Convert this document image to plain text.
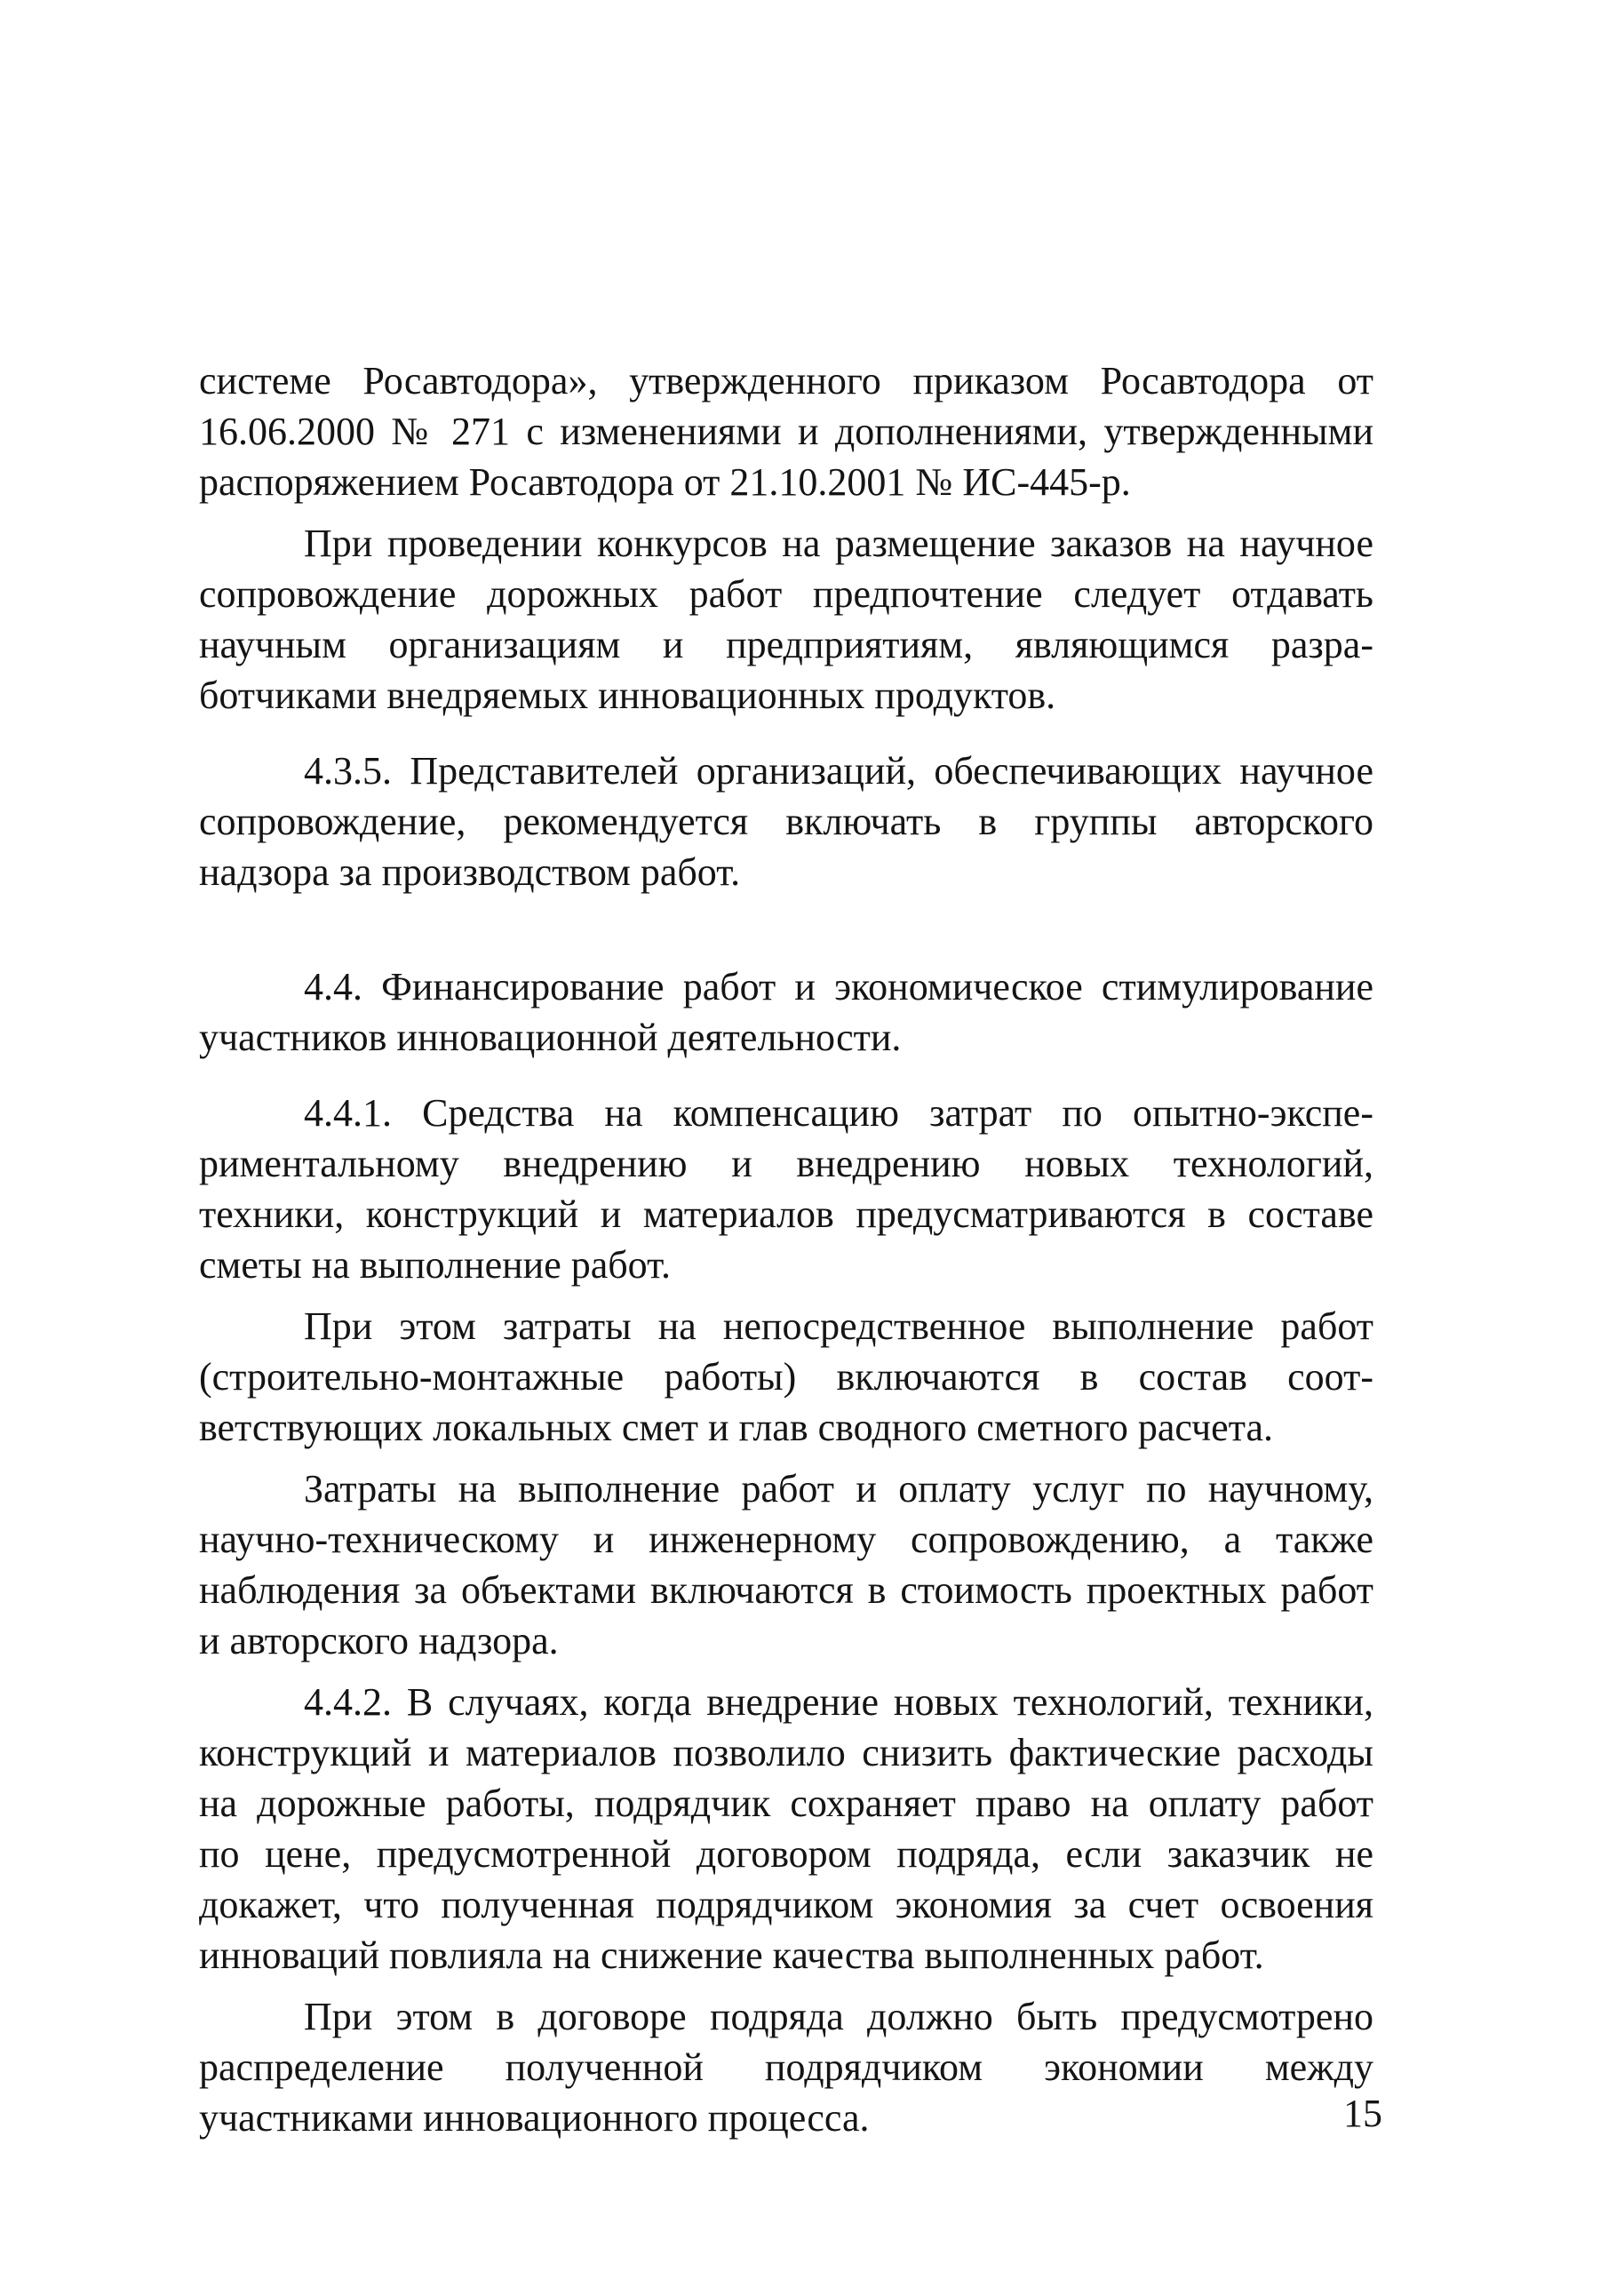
системе Росавтодора», утвержденного приказом Росавтодора от
16.06.2000 № 271 с изменениями и дополнениями, утвержденными
распоряжением Росавтодора от 21.10.2001 № ИС-445-р.
При проведении конкурсов на размещение заказов на научное
сопровождение дорожных работ предпочтение следует отдавать
научным организациям и предприятиям, являющимся разра-
ботчиками внедряемых инновационных продуктов.
4.3.5. Представителей организаций, обеспечивающих научное
сопровождение, рекомендуется включать в группы авторского
надзора за производством работ.
4.4. Финансирование работ и экономическое стимулирование
участников инновационной деятельности.
4.4.1. Средства на компенсацию затрат по опытно-экспе-
риментальному внедрению и внедрению новых технологий,
техники, конструкций и материалов предусматриваются в составе
сметы на выполнение работ.
При этом затраты на непосредственное выполнение работ
(строительно-монтажные работы) включаются в состав соот-
ветствующих локальных смет и глав сводного сметного расчета.
Затраты на выполнение работ и оплату услуг по научному,
научно-техническому и инженерному сопровождению, а также
наблюдения за объектами включаются в стоимость проектных работ
и авторского надзора.
4.4.2. В случаях, когда внедрение новых технологий, техники,
конструкций и материалов позволило снизить фактические расходы
на дорожные работы, подрядчик сохраняет право на оплату работ
по цене, предусмотренной договором подряда, если заказчик не
докажет, что полученная подрядчиком экономия за счет освоения
инноваций повлияла на снижение качества выполненных работ.
При этом в договоре подряда должно быть предусмотрено
распределение полученной подрядчиком экономии между
участниками инновационного процесса.	15
